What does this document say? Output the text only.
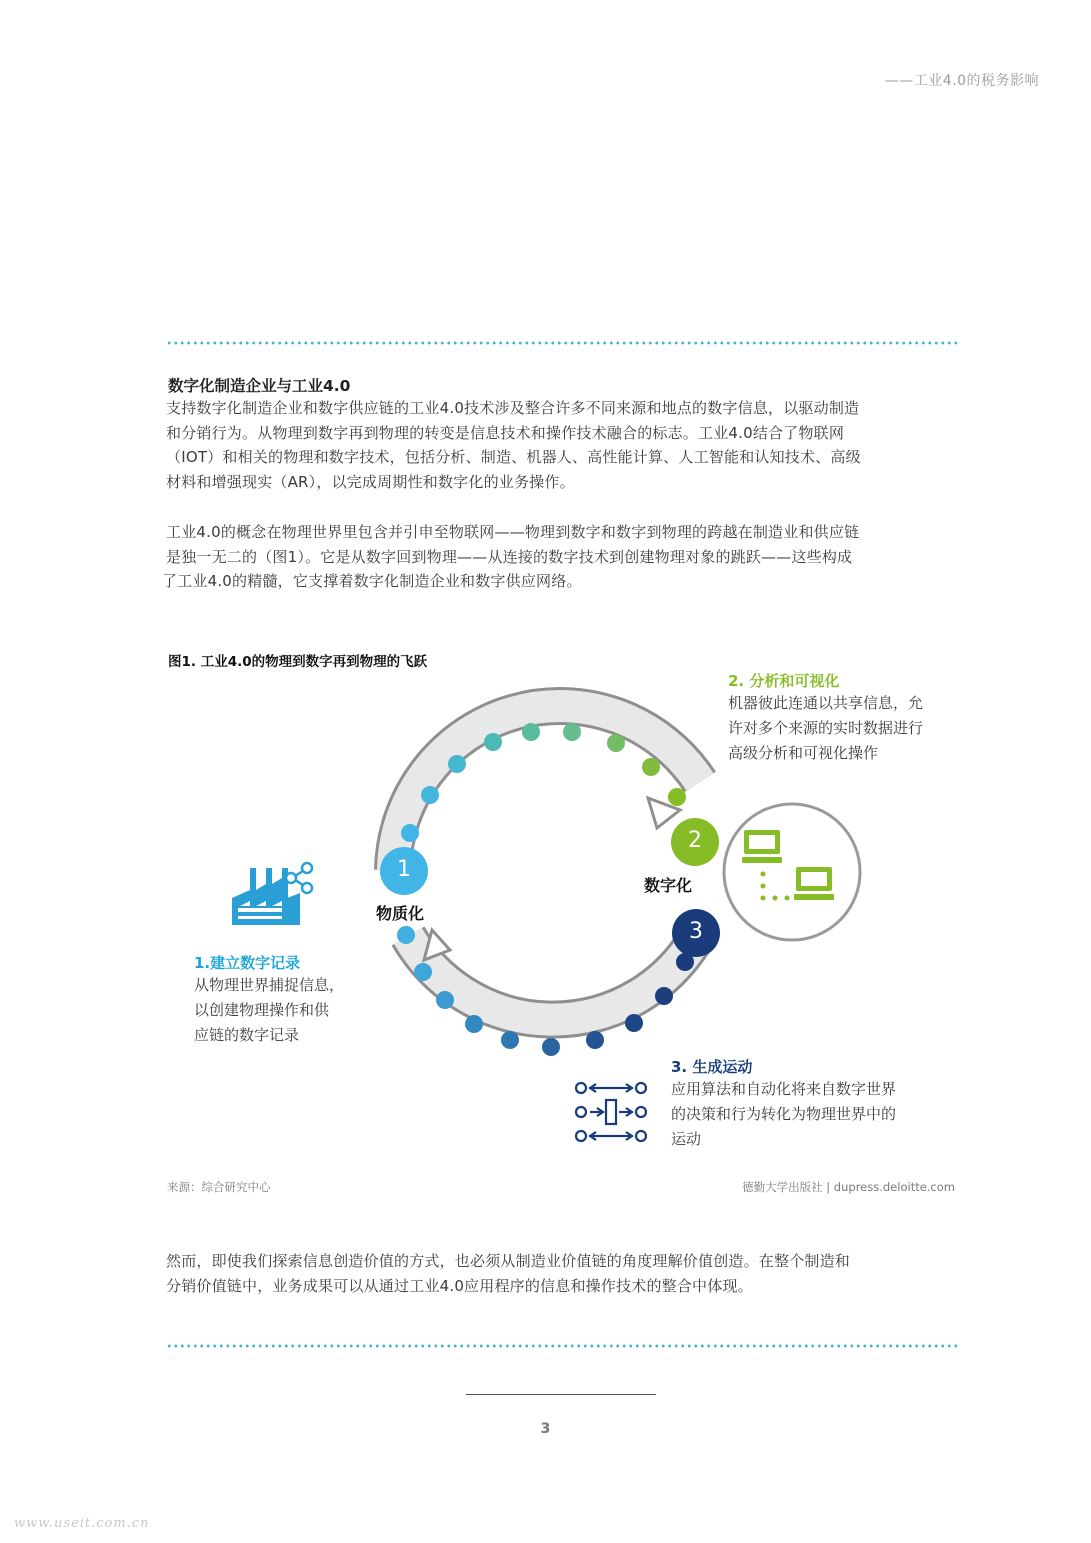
——工业4.0的税务影响
数字化制造企业与工业4.0
支持数字化制造企业和数字供应链的工业4.0技术涉及整合许多不同来源和地点的数字信息，以驱动制造
和分销行为。从物理到数字再到物理的转变是信息技术和操作技术融合的标志。工业4.0结合了物联网
（IOT）和相关的物理和数字技术，包括分析、制造、机器人、高性能计算、人工智能和认知技术、高级
材料和增强现实（AR），以完成周期性和数字化的业务操作。
工业4.0的概念在物理世界里包含并引申至物联网——物理到数字和数字到物理的跨越在制造业和供应链
是独一无二的（图1）。它是从数字回到物理——从连接的数字技术到创建物理对象的跳跃——这些构成
了工业4.0的精髓，它支撑着数字化制造企业和数字供应网络。
图1. 工业4.0的物理到数字再到物理的飞跃
1
2
3
物质化
数字化
1.建立数字记录
从物理世界捕捉信息，
以创建物理操作和供
应链的数字记录
2. 分析和可视化
机器彼此连通以共享信息，允
许对多个来源的实时数据进行
高级分析和可视化操作
3. 生成运动
应用算法和自动化将来自数字世界
的决策和行为转化为物理世界中的
运动
来源：综合研究中心	德勤大学出版社 | dupress.deloitte.com
然而，即使我们探索信息创造价值的方式，也必须从制造业价值链的角度理解价值创造。在整个制造和
分销价值链中，业务成果可以从通过工业4.0应用程序的信息和操作技术的整合中体现。
3
www.useit.com.cn
